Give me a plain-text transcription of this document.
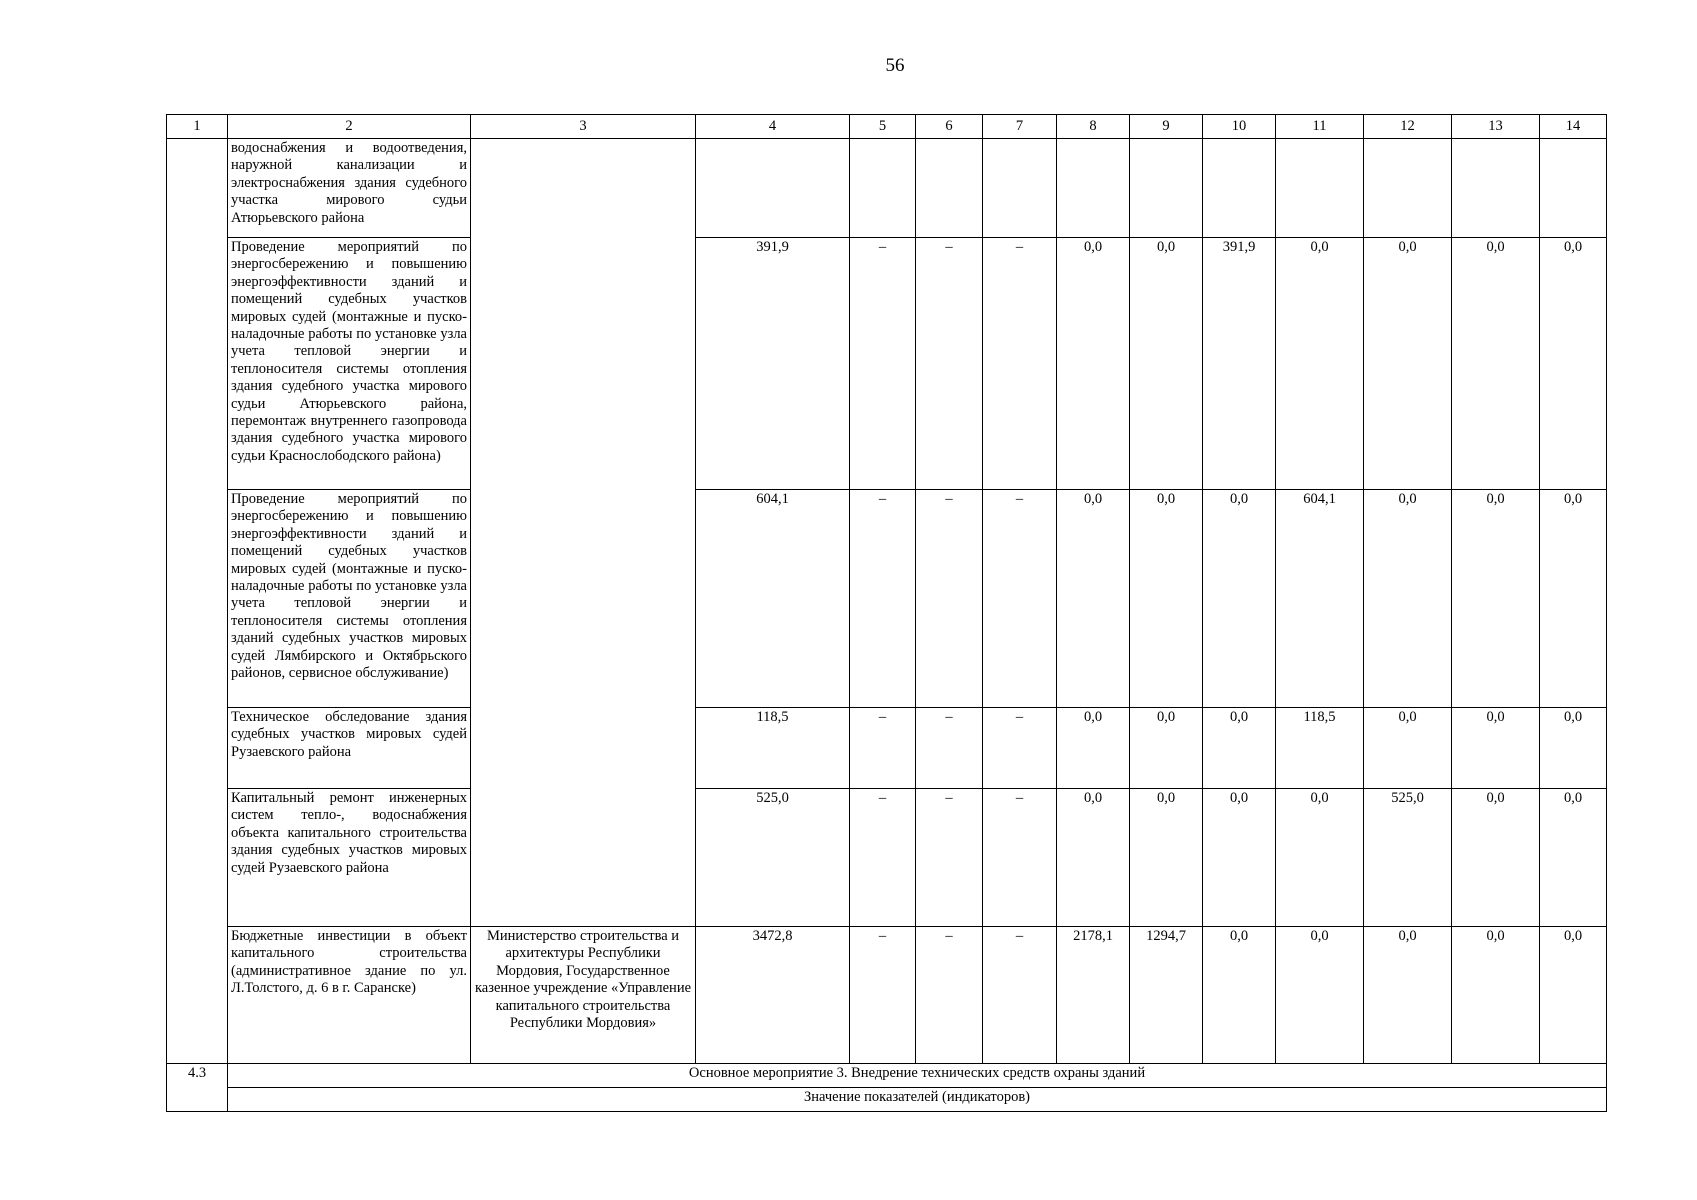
56
1	2	3	4	5	6	7	8	9	10	11	12	13	14
	водоснабжения и водоотведения, наружной канализации и электроснабжения здания судебного участка мирового судьи Атюрьевского района												
	Проведение мероприятий по энергосбережению и повышению энергоэффективности зданий и помещений судебных участков мировых судей (монтажные и пуско-наладочные работы по установке узла учета тепловой энергии и теплоносителя системы отопления здания судебного участка мирового судьи Атюрьевского района, перемонтаж внутреннего газопровода здания судебного участка мирового судьи Краснослободского района)		391,9	–	–	–	0,0	0,0	391,9	0,0	0,0	0,0	0,0
	Проведение мероприятий по энергосбережению и повышению энергоэффективности зданий и помещений судебных участков мировых судей (монтажные и пуско-наладочные работы по установке узла учета тепловой энергии и теплоносителя системы отопления зданий судебных участков мировых судей Лямбирского и Октябрьского районов, сервисное обслуживание)		604,1	–	–	–	0,0	0,0	0,0	604,1	0,0	0,0	0,0
	Техническое обследование здания судебных участков мировых судей Рузаевского района		118,5	–	–	–	0,0	0,0	0,0	118,5	0,0	0,0	0,0
	Капитальный ремонт инженерных систем тепло-, водоснабжения объекта капитального строительства здания судебных участков мировых судей Рузаевского района		525,0	–	–	–	0,0	0,0	0,0	0,0	525,0	0,0	0,0
	Бюджетные инвестиции в объект капитального строительства (административное здание по ул. Л.Толстого, д. 6 в г. Саранске)	Министерство строительства и архитектуры Республики Мордовия, Государственное казенное учреждение «Управление капитального строительства Республики Мордовия»	3472,8	–	–	–	2178,1	1294,7	0,0	0,0	0,0	0,0	0,0
4.3	Основное мероприятие 3. Внедрение технических средств охраны зданий												
	Значение показателей (индикаторов)												
